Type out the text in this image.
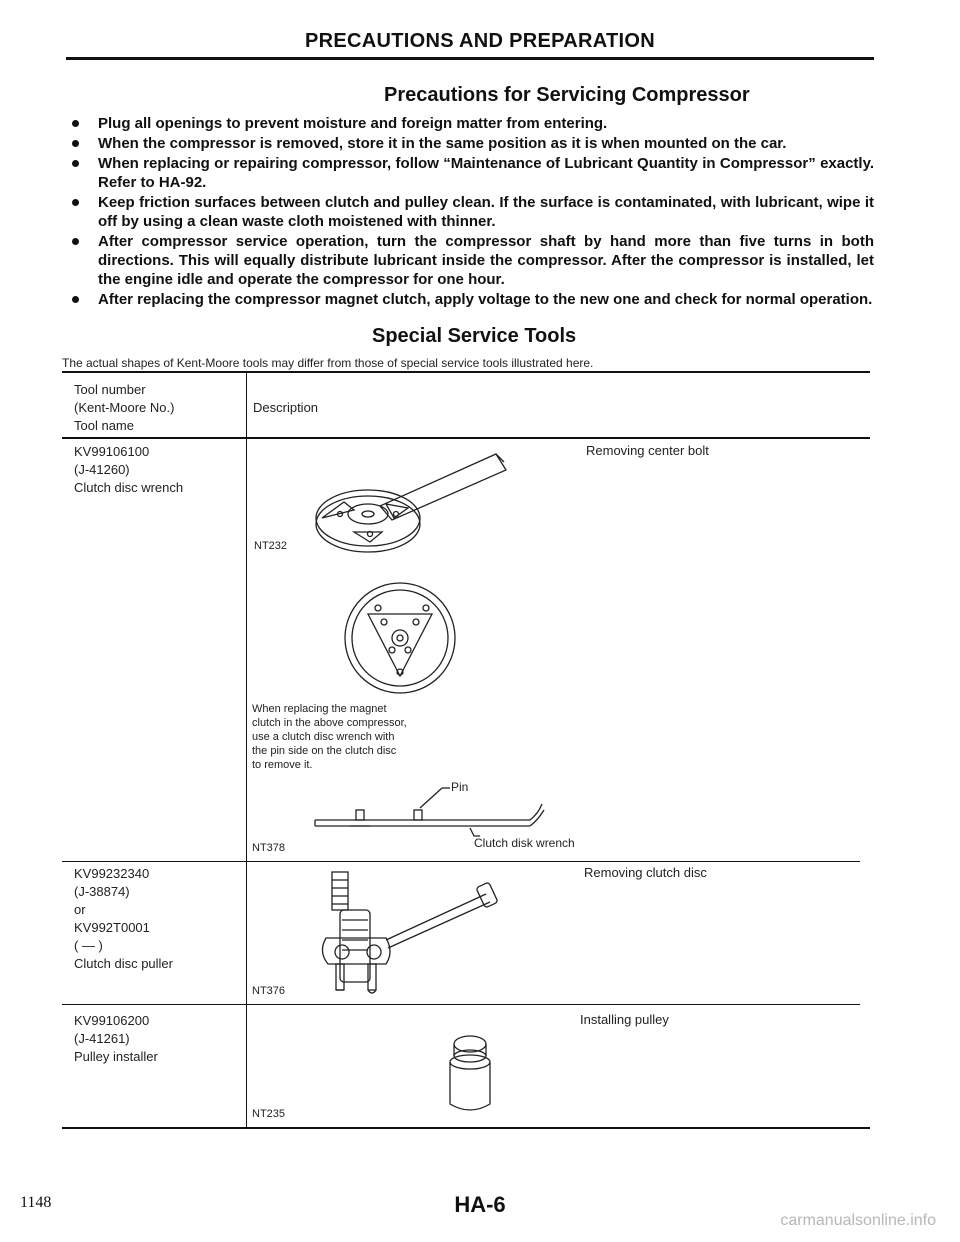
PRECAUTIONS AND PREPARATION
Precautions for Servicing Compressor
Plug all openings to prevent moisture and foreign matter from entering.
When the compressor is removed, store it in the same position as it is when mounted on the car.
When replacing or repairing compressor, follow “Maintenance of Lubricant Quantity in Compressor” exactly. Refer to HA-92.
Keep friction surfaces between clutch and pulley clean. If the surface is contaminated, with lubricant, wipe it off by using a clean waste cloth moistened with thinner.
After compressor service operation, turn the compressor shaft by hand more than five turns in both directions. This will equally distribute lubricant inside the compressor. After the compressor is installed, let the engine idle and operate the compressor for one hour.
After replacing the compressor magnet clutch, apply voltage to the new one and check for normal operation.
Special Service Tools
The actual shapes of Kent-Moore tools may differ from those of special service tools illustrated here.
Tool number
(Kent-Moore No.)
Tool name
Description
KV99106100
(J-41260)
Clutch disc wrench
Removing center bolt
KV99232340
(J-38874)
or
KV992T0001
( — )
Clutch disc puller
Removing clutch disc
KV99106200
(J-41261)
Pulley installer
Installing pulley
NT232
NT378
NT376
NT235
When replacing the magnet
clutch in the above compressor,
use a clutch disc wrench with
the pin side on the clutch disc
to remove it.
Pin
Clutch disk wrench
1148	HA-6
carmanualsonline.info
